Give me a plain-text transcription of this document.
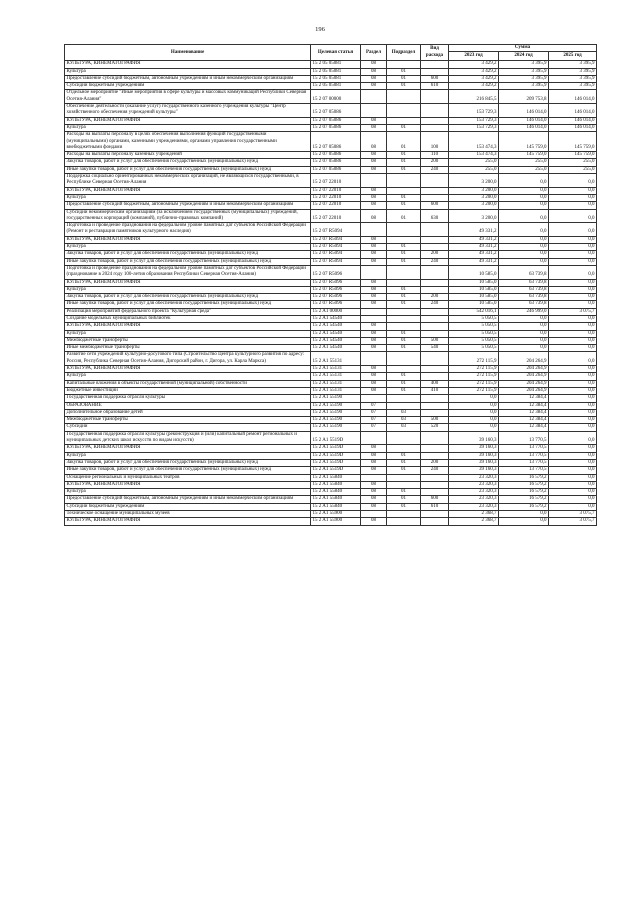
196
Наименование	Целевая статья	Раздел	Подраздел	Вид расхода	Сумма		
					2023 год	2024 год	2025 год
КУЛЬТУРА, КИНЕМАТОГРАФИЯ	15 2 05 05081	08			3 429,2	3 395,9	3 395,9
Культура	15 2 05 05081	08	01		3 429,2	3 395,9	3 395,9
Предоставление субсидий бюджетным, автономным учреждениям и иным некоммерческим организациям	15 2 05 05081	08	01	600	3 429,2	3 395,9	3 395,9
Субсидии бюджетным учреждениям	15 2 05 05081	08	01	610	3 429,2	3 395,9	3 395,9
Отдельное мероприятие "Иные мероприятия в сфере культуры и массовых коммуникаций Республики Северная Осетия-Алания"	15 2 07 00000				216 845,5	209 753,8	146 014,0
Обеспечение деятельности (оказание услуг) государственного казенного учреждения культуры "Центр хозяйственного обеспечения учреждений культуры"	15 2 07 05086				153 729,3	146 014,0	146 014,0
КУЛЬТУРА, КИНЕМАТОГРАФИЯ	15 2 07 05086	08			153 729,3	146 014,0	146 014,0
Культура	15 2 07 05086	08	01		153 729,3	146 014,0	146 014,0
Расходы на выплаты персоналу в целях обеспечения выполнения функций государственными (муниципальными) органами, казенными учреждениями, органами управления государственными внебюджетными фондами	15 2 07 05086	08	01	100	153 474,3	145 759,0	145 759,0
Расходы на выплаты персоналу казенных учреждений	15 2 07 05086	08	01	110	153 474,3	145 759,0	145 759,0
Закупка товаров, работ и услуг для обеспечения государственных (муниципальных) нужд	15 2 07 05086	08	01	200	255,0	255,0	255,0
Иные закупки товаров, работ и услуг для обеспечения государственных (муниципальных) нужд	15 2 07 05086	08	01	240	255,0	255,0	255,0
Поддержка социально ориентированных некоммерческих организаций, не являющихся государственными, в Республике Северная Осетия-Алания	15 2 07 22010				3 200,0	0,0	0,0
КУЛЬТУРА, КИНЕМАТОГРАФИЯ	15 2 07 22010	08			3 200,0	0,0	0,0
Культура	15 2 07 22010	08	01		3 200,0	0,0	0,0
Предоставление субсидий бюджетным, автономным учреждениям и иным некоммерческим организациям	15 2 07 22010	08	01	600	3 200,0	0,0	0,0
Субсидии некоммерческим организациям (за исключением государственных (муниципальных) учреждений, государственных корпораций (компаний), публично-правовых компаний)	15 2 07 22010	08	01	630	3 200,0	0,0	0,0
Подготовка и проведение празднования на федеральном уровне памятных дат субъектов Российской Федерации (Ремонт и реставрация памятников культурного наследия)	15 2 07 R5094				49 331,2	0,0	0,0
КУЛЬТУРА, КИНЕМАТОГРАФИЯ	15 2 07 R5094	08			49 331,2	0,0	0,0
Культура	15 2 07 R5094	08	01		49 331,2	0,0	0,0
Закупка товаров, работ и услуг для обеспечения государственных (муниципальных) нужд	15 2 07 R5094	08	01	200	49 331,2	0,0	0,0
Иные закупки товаров, работ и услуг для обеспечения государственных (муниципальных) нужд	15 2 07 R5094	08	01	240	49 331,2	0,0	0,0
Подготовка и проведение празднования на федеральном уровне памятных дат субъектов Российской Федерации (празднование в 2024 году 100-летия образования Республики Северная Осетия-Алания)	15 2 07 R5096				10 585,0	63 739,8	0,0
КУЛЬТУРА, КИНЕМАТОГРАФИЯ	15 2 07 R5096	08			10 585,0	63 739,8	0,0
Культура	15 2 07 R5096	08	01		10 585,0	63 739,8	0,0
Закупка товаров, работ и услуг для обеспечения государственных (муниципальных) нужд	15 2 07 R5096	08	01	200	10 585,0	63 739,8	0,0
Иные закупки товаров, работ и услуг для обеспечения государственных (муниципальных) нужд	15 2 07 R5096	08	01	240	10 585,0	63 739,8	0,0
Реализация мероприятий федерального проекта "Культурная среда"	15 2 A1 00000				542 016,1	246 999,0	3 075,7
Создание модельных муниципальных библиотек	15 2 A1 54540				5 050,5	0,0	0,0
КУЛЬТУРА, КИНЕМАТОГРАФИЯ	15 2 A1 54540	08			5 050,5	0,0	0,0
Культура	15 2 A1 54540	08	01		5 050,5	0,0	0,0
Межбюджетные трансферты	15 2 A1 54540	08	01	500	5 050,5	0,0	0,0
Иные межбюджетные трансферты	15 2 A1 54540	08	01	540	5 050,5	0,0	0,0
Развитие сети учреждений культурно-досугового типа (Строительство Центра культурного развития по адресу: Россия, Республика Северная Осетия-Алания, Дигорский район, г. Дигора, ул. Карла Маркса)	15 2 A1 55131				272 115,9	204 264,9	0,0
КУЛЬТУРА, КИНЕМАТОГРАФИЯ	15 2 A1 55131	08			272 115,9	204 264,9	0,0
Культура	15 2 A1 55131	08	01		272 115,9	204 264,9	0,0
Капитальные вложения в объекты государственной (муниципальной) собственности	15 2 A1 55131	08	01	400	272 115,9	204 264,9	0,0
Бюджетные инвестиции	15 2 A1 55131	08	01	410	272 115,9	204 264,9	0,0
Государственная поддержка отрасли культуры	15 2 A1 55190				0,0	12 384,4	0,0
ОБРАЗОВАНИЕ	15 2 A1 55190	07			0,0	12 384,4	0,0
Дополнительное образование детей	15 2 A1 55190	07	03		0,0	12 384,4	0,0
Межбюджетные трансферты	15 2 A1 55190	07	03	500	0,0	12 384,4	0,0
Субсидии	15 2 A1 55190	07	03	520	0,0	12 384,4	0,0
Государственная поддержка отрасли культуры (реконструкция и (или) капитальный ремонт региональных и муниципальных детских школ искусств по видам искусств)	15 2 A1 5519D				39 160,3	13 770,5	0,0
КУЛЬТУРА, КИНЕМАТОГРАФИЯ	15 2 A1 5519D	08			39 160,3	13 770,5	0,0
Культура	15 2 A1 5519D	08	01		39 160,3	13 770,5	0,0
Закупка товаров, работ и услуг для обеспечения государственных (муниципальных) нужд	15 2 A1 5519D	08	01	200	39 160,3	13 770,5	0,0
Иные закупки товаров, работ и услуг для обеспечения государственных (муниципальных) нужд	15 2 A1 5519D	08	01	240	39 160,3	13 770,5	0,0
Оснащение региональных и муниципальных театров	15 2 A1 55840				23 320,3	16 579,2	0,0
КУЛЬТУРА, КИНЕМАТОГРАФИЯ	15 2 A1 55840	08			23 320,3	16 579,2	0,0
Культура	15 2 A1 55840	08	01		23 320,3	16 579,2	0,0
Предоставление субсидий бюджетным, автономным учреждениям и иным некоммерческим организациям	15 2 A1 55840	08	01	600	23 320,3	16 579,2	0,0
Субсидии бюджетным учреждениям	15 2 A1 55840	08	01	610	23 320,3	16 579,2	0,0
Техническое оснащение муниципальных музеев	15 2 A1 55900				2 368,7	0,0	3 075,7
КУЛЬТУРА, КИНЕМАТОГРАФИЯ	15 2 A1 55900	08			2 368,7	0,0	3 075,7
